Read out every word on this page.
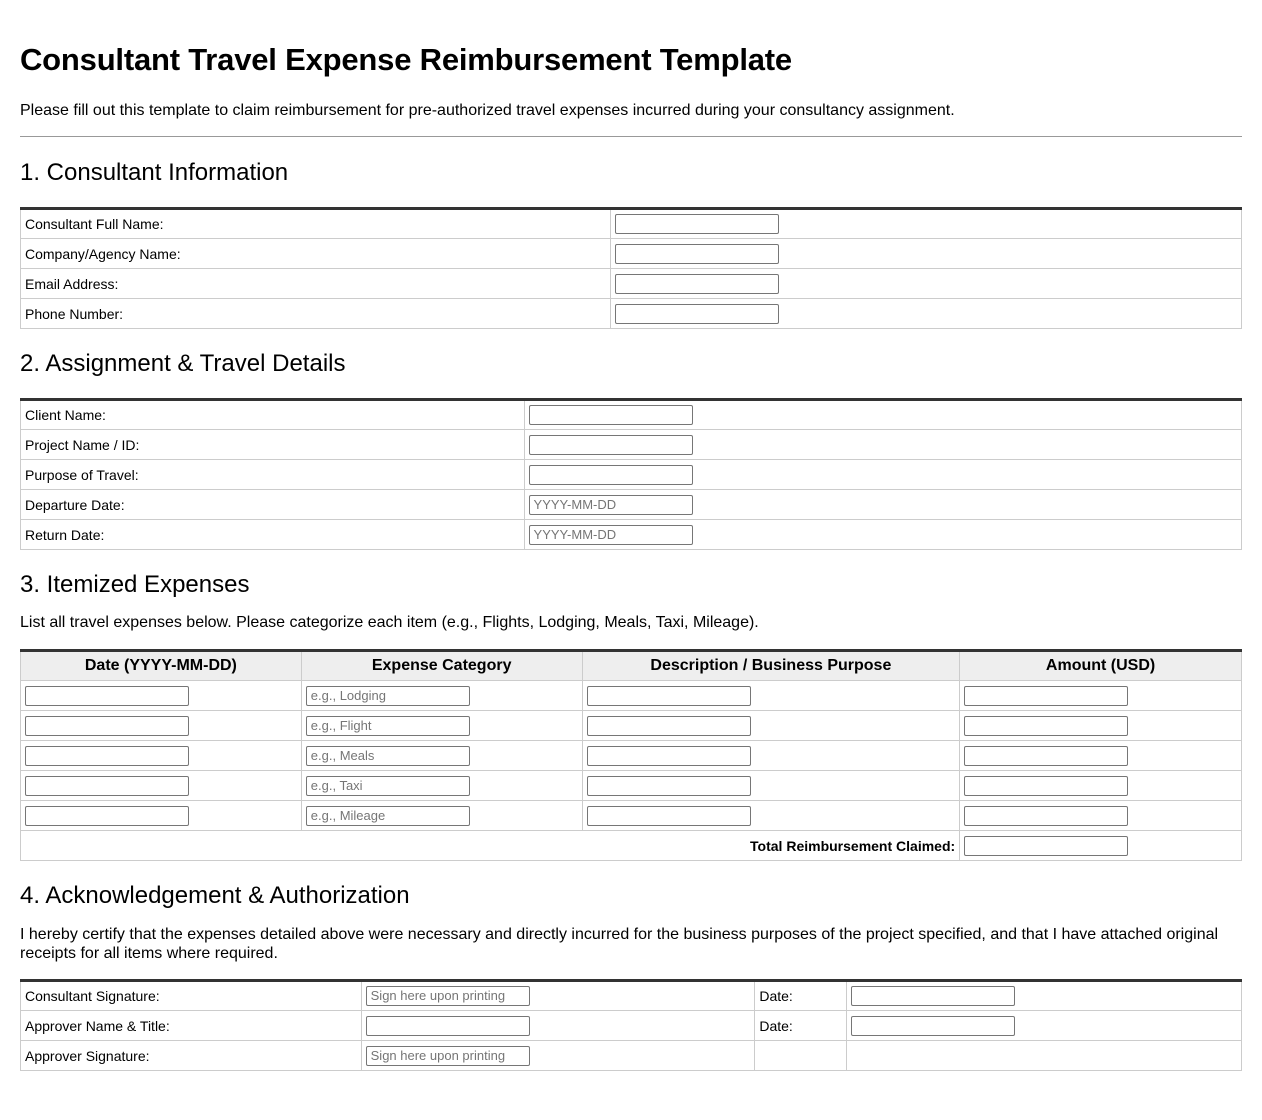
Consultant Travel Expense Reimbursement Template

Please fill out this template to claim reimbursement for pre-authorized travel expenses incurred during your consultancy assignment.

1. Consultant Information
Consultant Full Name:	
Company/Agency Name:	
Email Address:	
Phone Number:	
2. Assignment & Travel Details
Client Name:	
Project Name / ID:	
Purpose of Travel:	
Departure Date:	YYYY-MM-DD
Return Date:	YYYY-MM-DD
3. Itemized Expenses

List all travel expenses below. Please categorize each item (e.g., Flights, Lodging, Meals, Taxi, Mileage).

Date (YYYY-MM-DD)	Expense Category	Description / Business Purpose	Amount (USD)
	e.g., Lodging		
	e.g., Flight		
	e.g., Meals		
	e.g., Taxi		
	e.g., Mileage		
Total Reimbursement Claimed:			
4. Acknowledgement & Authorization

I hereby certify that the expenses detailed above were necessary and directly incurred for the business purposes of the project specified, and that I have attached original receipts for all items where required.

Consultant Signature:	Sign here upon printing	Date:	
Approver Name & Title:		Date:	
Approver Signature:	Sign here upon printing		
